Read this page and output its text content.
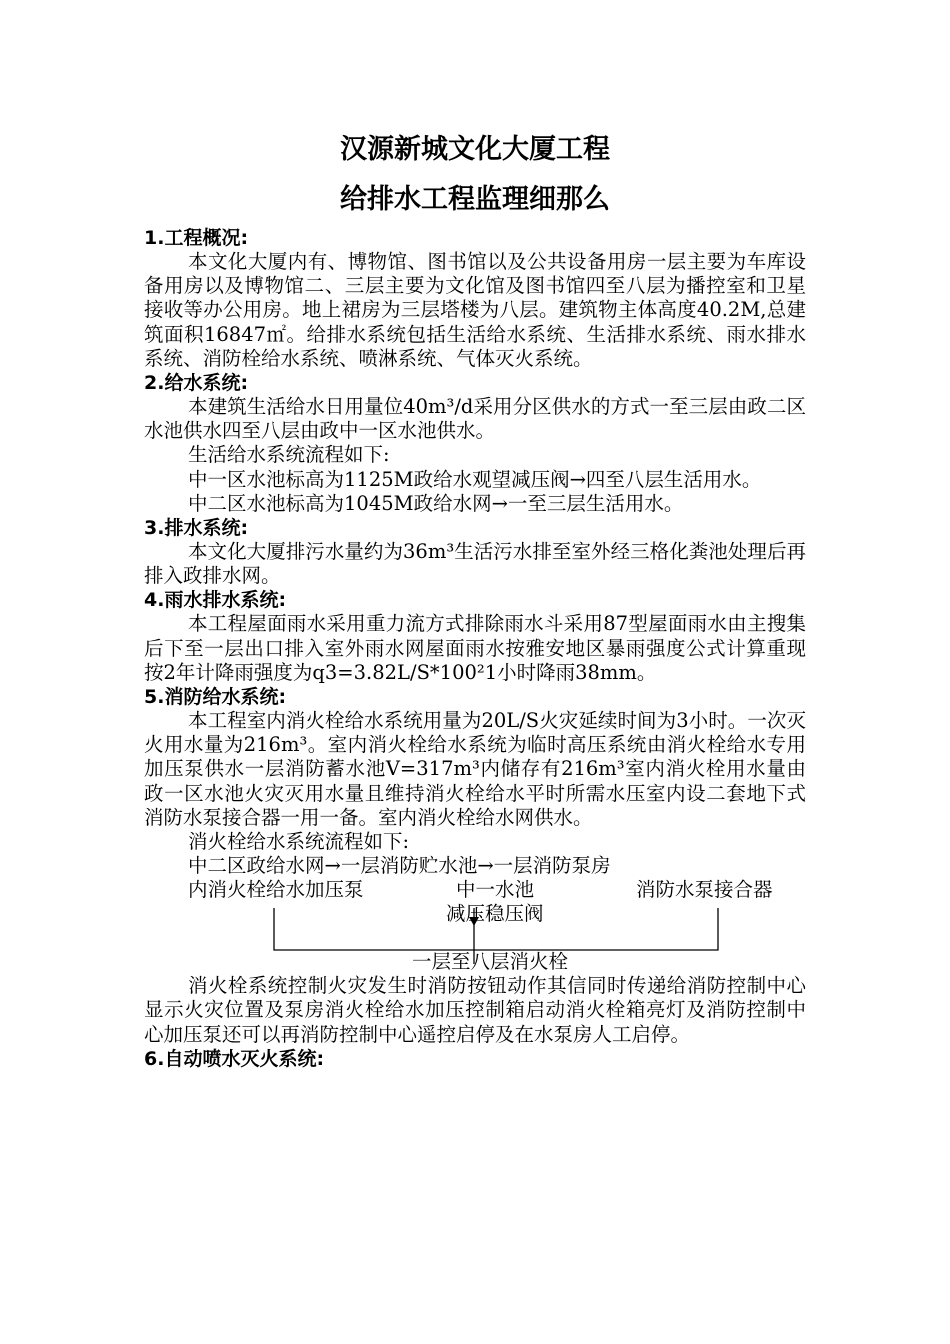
汉源新城文化大厦工程
给排水工程监理细那么
1.工程概况:
本文化大厦内有、博物馆、图书馆以及公共设备用房一层主要为车库设备用房以及博物馆二、三层主要为文化馆及图书馆四至八层为播控室和卫星接收等办公用房。地上裙房为三层塔楼为八层。建筑物主体高度40.2M,总建筑面积16847㎡。给排水系统包括生活给水系统、生活排水系统、雨水排水系统、消防栓给水系统、喷淋系统、气体灭火系统。
2.给水系统:
本建筑生活给水日用量位40m³/d采用分区供水的方式一至三层由政二区水池供水四至八层由政中一区水池供水。
生活给水系统流程如下:
中一区水池标高为1125M政给水观望减压阀→四至八层生活用水。
中二区水池标高为1045M政给水网→一至三层生活用水。
3.排水系统:
本文化大厦排污水量约为36m³生活污水排至室外经三格化粪池处理后再排入政排水网。
4.雨水排水系统:
本工程屋面雨水采用重力流方式排除雨水斗采用87型屋面雨水由主搜集后下至一层出口排入室外雨水网屋面雨水按雅安地区暴雨强度公式计算重现按2年计降雨强度为q3=3.82L/S*100²1小时降雨38mm。
5.消防给水系统:
本工程室内消火栓给水系统用量为20L/S火灾延续时间为3小时。一次灭火用水量为216m³。室内消火栓给水系统为临时高压系统由消火栓给水专用加压泵供水一层消防蓄水池V=317m³内储存有216m³室内消火栓用水量由政一区水池火灾灭用水量且维持消火栓给水平时所需水压室内设二套地下式消防水泵接合器一用一备。室内消火栓给水网供水。
消火栓给水系统流程如下:
中二区政给水网→一层消防贮水池→一层消防泵房
内消火栓给水加压泵	中一水池
减压稳压阀
消防水泵接合器
一层至八层消火栓
消火栓系统控制火灾发生时消防按钮动作其信同时传递给消防控制中心显示火灾位置及泵房消火栓给水加压控制箱启动消火栓箱亮灯及消防控制中心加压泵还可以再消防控制中心遥控启停及在水泵房人工启停。
6.自动喷水灭火系统:
